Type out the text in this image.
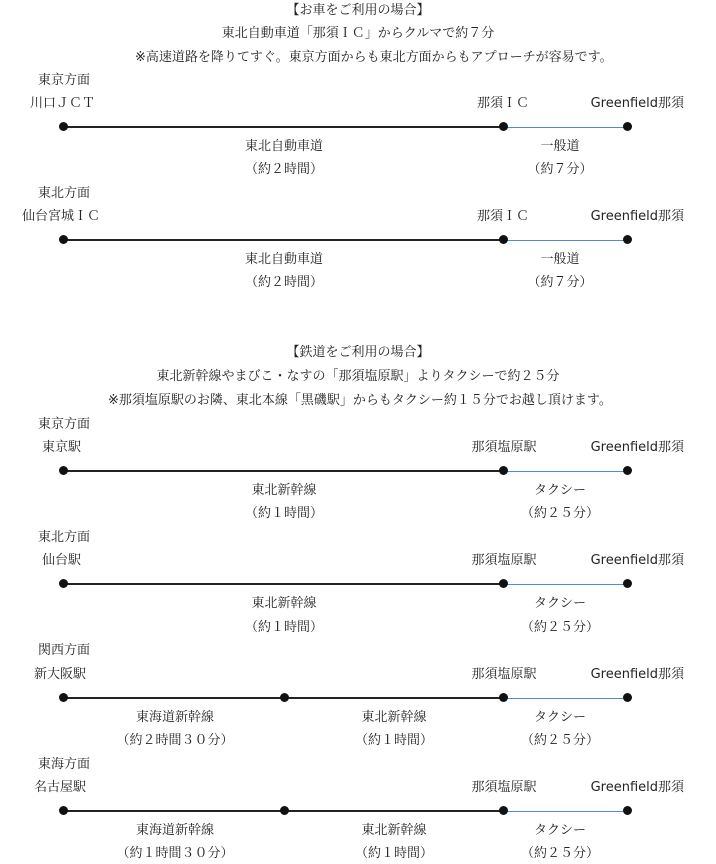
【お車をご利用の場合】
東北自動車道「那須ＩＣ」からクルマで約７分
※高速道路を降りてすぐ。東京方面からも東北方面からもアプローチが容易です。
東京方面
川口ＪＣＴ	那須ＩＣ	Greenfield那須
東北自動車道
（約２時間）
一般道
（約７分）
東北方面
仙台宮城ＩＣ	那須ＩＣ	Greenfield那須
東北自動車道
（約２時間）
一般道
（約７分）
【鉄道をご利用の場合】
東北新幹線やまびこ・なすの「那須塩原駅」よりタクシーで約２５分
※那須塩原駅のお隣、東北本線「黒磯駅」からもタクシー約１５分でお越し頂けます。
東京方面
東京駅	那須塩原駅	Greenfield那須
東北新幹線
（約１時間）
タクシー
（約２５分）
東北方面
仙台駅	那須塩原駅	Greenfield那須
東北新幹線
（約１時間）
タクシー
（約２５分）
関西方面
新大阪駅	那須塩原駅	Greenfield那須
東海道新幹線
（約２時間３０分）
東北新幹線
（約１時間）
タクシー
（約２５分）
東海方面
名古屋駅	那須塩原駅	Greenfield那須
東海道新幹線
（約１時間３０分）
東北新幹線
（約１時間）
タクシー
（約２５分）
